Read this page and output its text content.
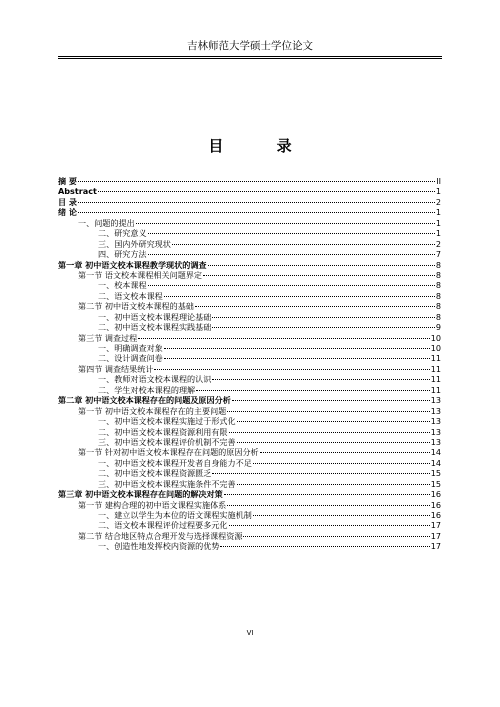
吉林师范大学硕士学位论文
目 录
摘 要	II
Abstract	1
目 录	2
绪 论	1
一、问题的提出	1
二、研究意义	1
三、国内外研究现状	2
四、研究方法	7
第一章 初中语文校本课程教学现状的调查	8
第一节 语文校本课程相关问题界定	8
一、校本课程	8
二、语文校本课程	8
第二节 初中语文校本课程的基础	8
一、初中语文校本课程理论基础	8
二、初中语文校本课程实践基础	9
第三节 调查过程	10
一、明确调查对象	10
二、设计调查问卷	11
第四节 调查结果统计	11
一、教师对语文校本课程的认识	11
二、学生对校本课程的理解	11
第二章 初中语文校本课程存在的问题及原因分析	13
第一节 初中语文校本课程存在的主要问题	13
一、初中语文校本课程实施过于形式化	13
二、初中语文校本课程资源利用有限	13
三、初中语文校本课程评价机制不完善	13
第一节 针对初中语文校本课程存在问题的原因分析	14
一、初中语文校本课程开发者自身能力不足	14
二、初中语文校本课程资源匮乏	15
三、初中语文校本课程实施条件不完善	15
第三章 初中语文校本课程存在问题的解决对策	16
第一节 建构合理的初中语文课程实施体系	16
一、建立以学生为本位的语文课程实施机制	16
二、语文校本课程评价过程要多元化	17
第二节 结合地区特点合理开发与选择课程资源	17
一、创造性地发挥校内资源的优势	17
VI
